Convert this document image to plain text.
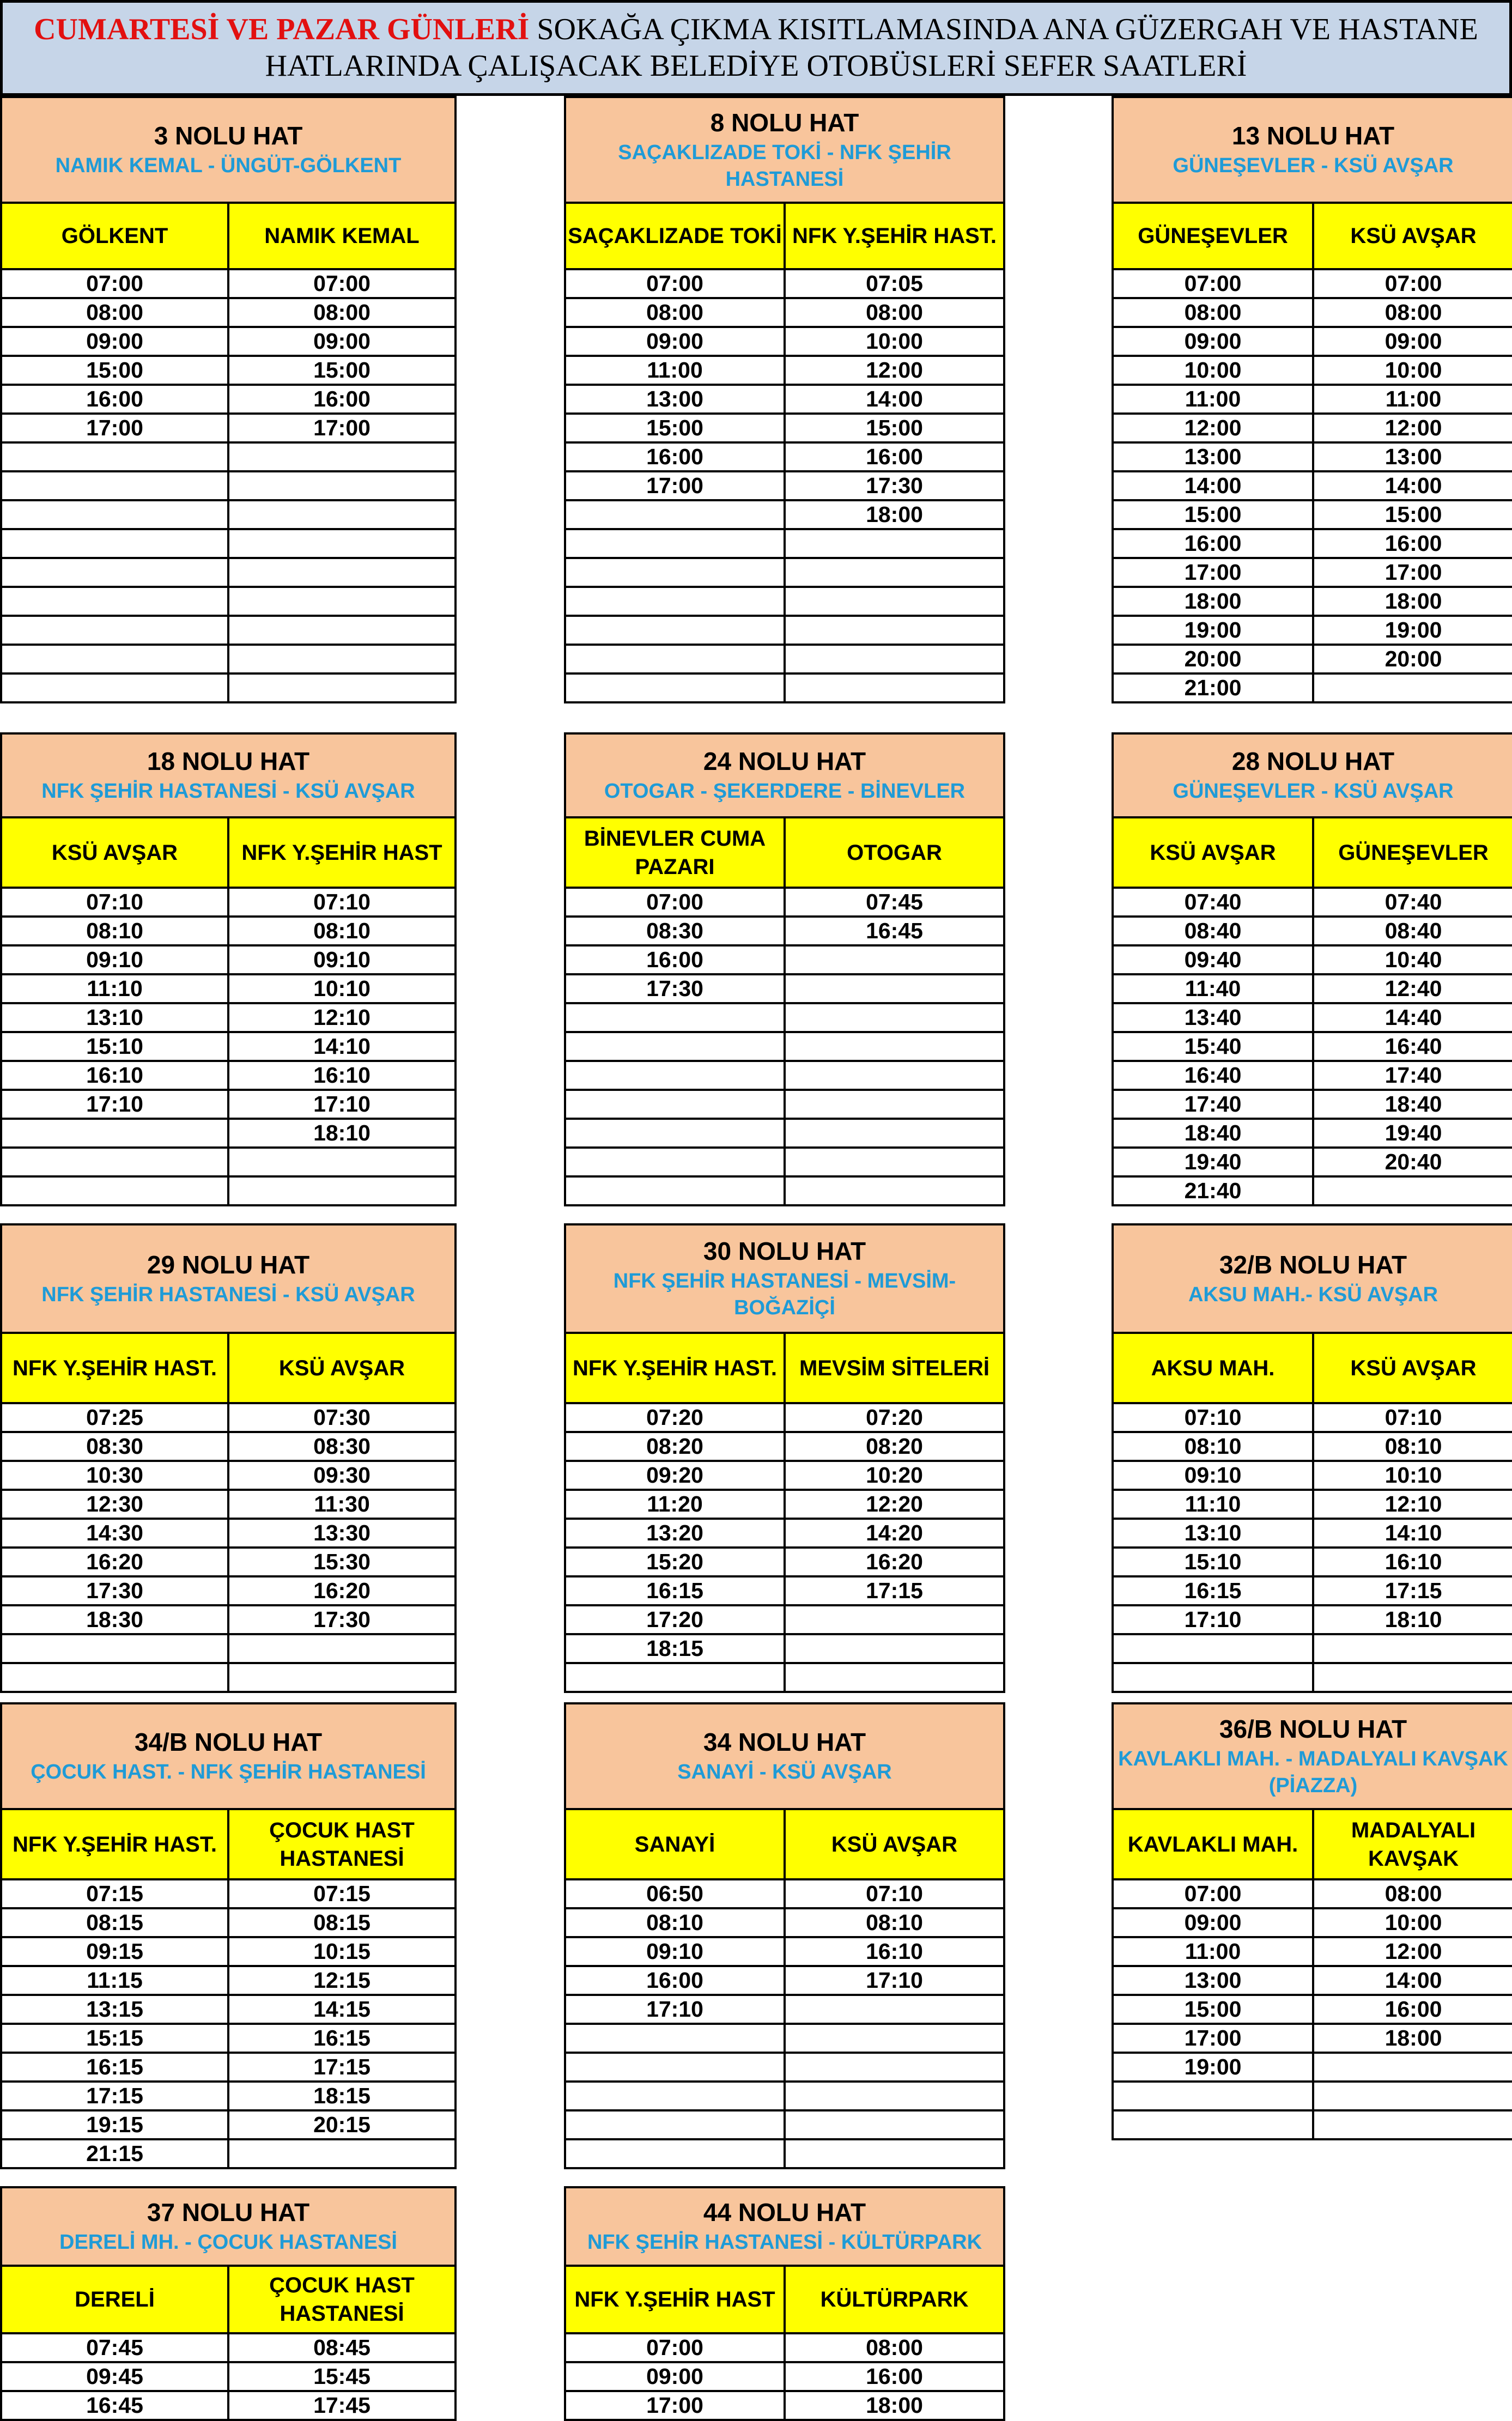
CUMARTESİ VE PAZAR GÜNLERİ SOKAĞA ÇIKMA KISITLAMASINDA ANA GÜZERGAH VE HASTANE
HATLARINDA ÇALIŞACAK BELEDİYE OTOBÜSLERİ SEFER SAATLERİ
3 NOLU HAT
NAMIK KEMAL - ÜNGÜT-GÖLKENT	

GÖLKENT	NAMIK KEMAL
07:00	07:00
08:00	08:00
09:00	09:00
15:00	15:00
16:00	16:00
17:00	17:00

8 NOLU HAT
SAÇAKLIZADE TOKİ - NFK ŞEHİR HASTANESİ	

SAÇAKLIZADE TOKİ	NFK Y.ŞEHİR HAST.
07:00	07:05
08:00	08:00
09:00	10:00
11:00	12:00
13:00	14:00
15:00	15:00
16:00	16:00
17:00	17:30
	18:00

13 NOLU HAT
GÜNEŞEVLER - KSÜ AVŞAR	

GÜNEŞEVLER	KSÜ AVŞAR
07:00	07:00
08:00	08:00
09:00	09:00
10:00	10:00
11:00	11:00
12:00	12:00
13:00	13:00
14:00	14:00
15:00	15:00
16:00	16:00
17:00	17:00
18:00	18:00
19:00	19:00
20:00	20:00
21:00	
18 NOLU HAT
NFK ŞEHİR HASTANESİ - KSÜ AVŞAR	

KSÜ AVŞAR	NFK Y.ŞEHİR HAST
07:10	07:10
08:10	08:10
09:10	09:10
11:10	10:10
13:10	12:10
15:10	14:10
16:10	16:10
17:10	17:10
	18:10

24 NOLU HAT
OTOGAR - ŞEKERDERE - BİNEVLER	

BİNEVLER CUMA PAZARI	OTOGAR
07:00	07:45
08:30	16:45
16:00	
17:30	

28 NOLU HAT
GÜNEŞEVLER - KSÜ AVŞAR	

KSÜ AVŞAR	GÜNEŞEVLER
07:40	07:40
08:40	08:40
09:40	10:40
11:40	12:40
13:40	14:40
15:40	16:40
16:40	17:40
17:40	18:40
18:40	19:40
19:40	20:40
21:40	
29 NOLU HAT
NFK ŞEHİR HASTANESİ - KSÜ AVŞAR	

NFK Y.ŞEHİR HAST.	KSÜ AVŞAR
07:25	07:30
08:30	08:30
10:30	09:30
12:30	11:30
14:30	13:30
16:20	15:30
17:30	16:20
18:30	17:30

30 NOLU HAT
NFK ŞEHİR HASTANESİ - MEVSİM-BOĞAZİÇİ	

NFK Y.ŞEHİR HAST.	MEVSİM SİTELERİ
07:20	07:20
08:20	08:20
09:20	10:20
11:20	12:20
13:20	14:20
15:20	16:20
16:15	17:15
17:20	
18:15	

32/B NOLU HAT
AKSU MAH.- KSÜ AVŞAR	

AKSU MAH.	KSÜ AVŞAR
07:10	07:10
08:10	08:10
09:10	10:10
11:10	12:10
13:10	14:10
15:10	16:10
16:15	17:15
17:10	18:10

34/B NOLU HAT
ÇOCUK HAST. - NFK ŞEHİR HASTANESİ	

NFK Y.ŞEHİR HAST.	ÇOCUK HAST HASTANESİ
07:15	07:15
08:15	08:15
09:15	10:15
11:15	12:15
13:15	14:15
15:15	16:15
16:15	17:15
17:15	18:15
19:15	20:15
21:15	
34 NOLU HAT
SANAYİ - KSÜ AVŞAR	

SANAYİ	KSÜ AVŞAR
06:50	07:10
08:10	08:10
09:10	16:10
16:00	17:10
17:10	

36/B NOLU HAT
KAVLAKLI MAH. - MADALYALI KAVŞAK (PİAZZA)	

KAVLAKLI MAH.	MADALYALI KAVŞAK
07:00	08:00
09:00	10:00
11:00	12:00
13:00	14:00
15:00	16:00
17:00	18:00
19:00	

37 NOLU HAT
DERELİ MH. - ÇOCUK HASTANESİ	

DERELİ	ÇOCUK HAST HASTANESİ
07:45	08:45
09:45	15:45
16:45	17:45
44 NOLU HAT
NFK ŞEHİR HASTANESİ - KÜLTÜRPARK	

NFK Y.ŞEHİR HAST	KÜLTÜRPARK
07:00	08:00
09:00	16:00
17:00	18:00
